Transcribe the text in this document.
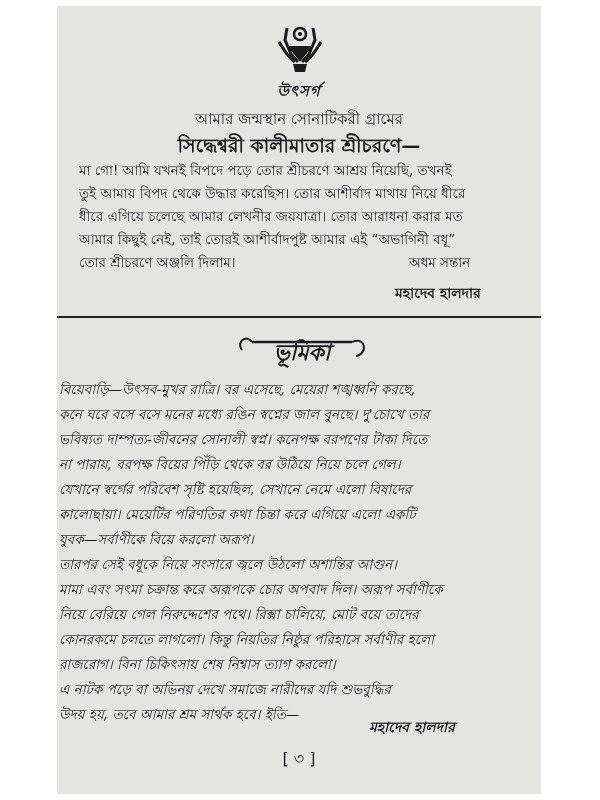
উৎসর্গ
আমার জন্মস্থান সোনাটিকরী গ্রামের
সিদ্ধেশ্বরী কালীমাতার শ্রীচরণে—
মা গো! আমি যখনই বিপদে পড়ে তোর শ্রীচরণে আশ্রয় নিয়েছি, তখনই
তুই আমায় বিপদ থেকে উদ্ধার করেছিস। তোর আশীর্বাদ মাথায় নিয়ে ধীরে
ধীরে এগিয়ে চলেছে আমার লেখনীর জয়যাত্রা। তোর আরাধনা করার মত
আমার কিছুই নেই, তাই তোরই আশীর্বাদপুষ্ট আমার এই “অভাগিনী বধূ”
তোর শ্রীচরণে অঞ্জলি দিলাম।	অধম সন্তান
মহাদেব হালদার
ভূমিকা
বিয়েবাড়ি—উৎসব-মুখর রাত্রি। বর এসেছে, মেয়েরা শঙ্খধ্বনি করছে,
কনে ঘরে বসে বসে মনের মধ্যে রঙিন স্বপ্নের জাল বুনছে। দু'চোখে তার
ভবিষ্যত দাম্পত্য-জীবনের সোনালী স্বপ্ন। কনেপক্ষ বরপণের টাকা দিতে
না পারায়, বরপক্ষ বিয়ের পিঁড়ি থেকে বর উঠিয়ে নিয়ে চলে গেল।
যেখানে স্বর্গের পরিবেশ সৃষ্টি হয়েছিল, সেখানে নেমে এলো বিষাদের
কালোছায়া। মেয়েটির পরিণতির কথা চিন্তা করে এগিয়ে এলো একটি
যুবক—সর্বাণীকে বিয়ে করলো অরূপ।
তারপর সেই বধূকে নিয়ে সংসারে জ্বলে উঠলো অশান্তির আগুন।
মামা এবং সৎমা চক্রান্ত করে অরূপকে চোর অপবাদ দিল। অরূপ সর্বাণীকে
নিয়ে বেরিয়ে গেল নিরুদ্দেশের পথে। রিক্সা চালিয়ে, মোট বয়ে তাদের
কোনরকমে চলতে লাগলো। কিন্তু নিয়তির নিষ্ঠুর পরিহাসে সর্বাণীর হলো
রাজরোগ। বিনা চিকিৎসায় শেষ নিশ্বাস ত্যাগ করলো।
এ নাটক পড়ে বা অভিনয় দেখে সমাজে নারীদের যদি শুভবুদ্ধির
উদয় হয়, তবে আমার শ্রম সার্থক হবে। ইতি—
মহাদেব হালদার
[ ৩ ]
